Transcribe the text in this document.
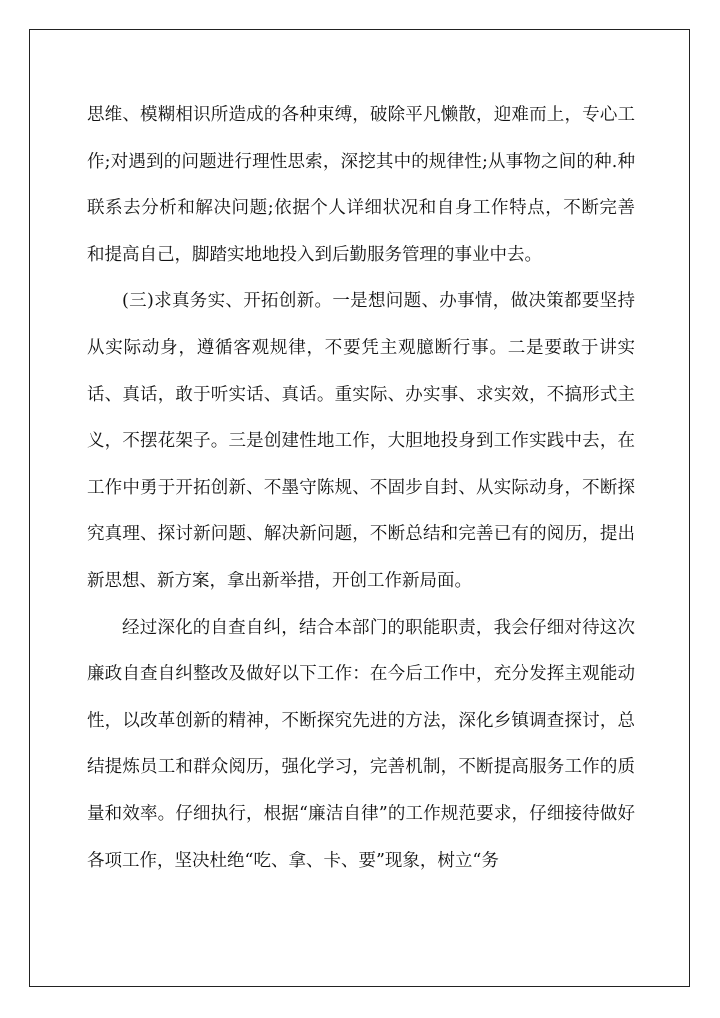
思维、模糊相识所造成的各种束缚，破除平凡懒散，迎难而上，专心工作;对遇到的问题进行理性思索，深挖其中的规律性;从事物之间的种.种联系去分析和解决问题;依据个人详细状况和自身工作特点，不断完善和提高自己，脚踏实地地投入到后勤服务管理的事业中去。

(三)求真务实、开拓创新。一是想问题、办事情，做决策都要坚持从实际动身，遵循客观规律，不要凭主观臆断行事。二是要敢于讲实话、真话，敢于听实话、真话。重实际、办实事、求实效，不搞形式主义，不摆花架子。三是创建性地工作，大胆地投身到工作实践中去，在工作中勇于开拓创新、不墨守陈规、不固步自封、从实际动身，不断探究真理、探讨新问题、解决新问题，不断总结和完善已有的阅历，提出新思想、新方案，拿出新举措，开创工作新局面。

经过深化的自查自纠，结合本部门的职能职责，我会仔细对待这次廉政自查自纠整改及做好以下工作：在今后工作中，充分发挥主观能动性，以改革创新的精神，不断探究先进的方法，深化乡镇调查探讨，总结提炼员工和群众阅历，强化学习，完善机制，不断提高服务工作的质量和效率。仔细执行，根据“廉洁自律”的工作规范要求，仔细接待做好各项工作，坚决杜绝“吃、拿、卡、要”现象，树立“务
